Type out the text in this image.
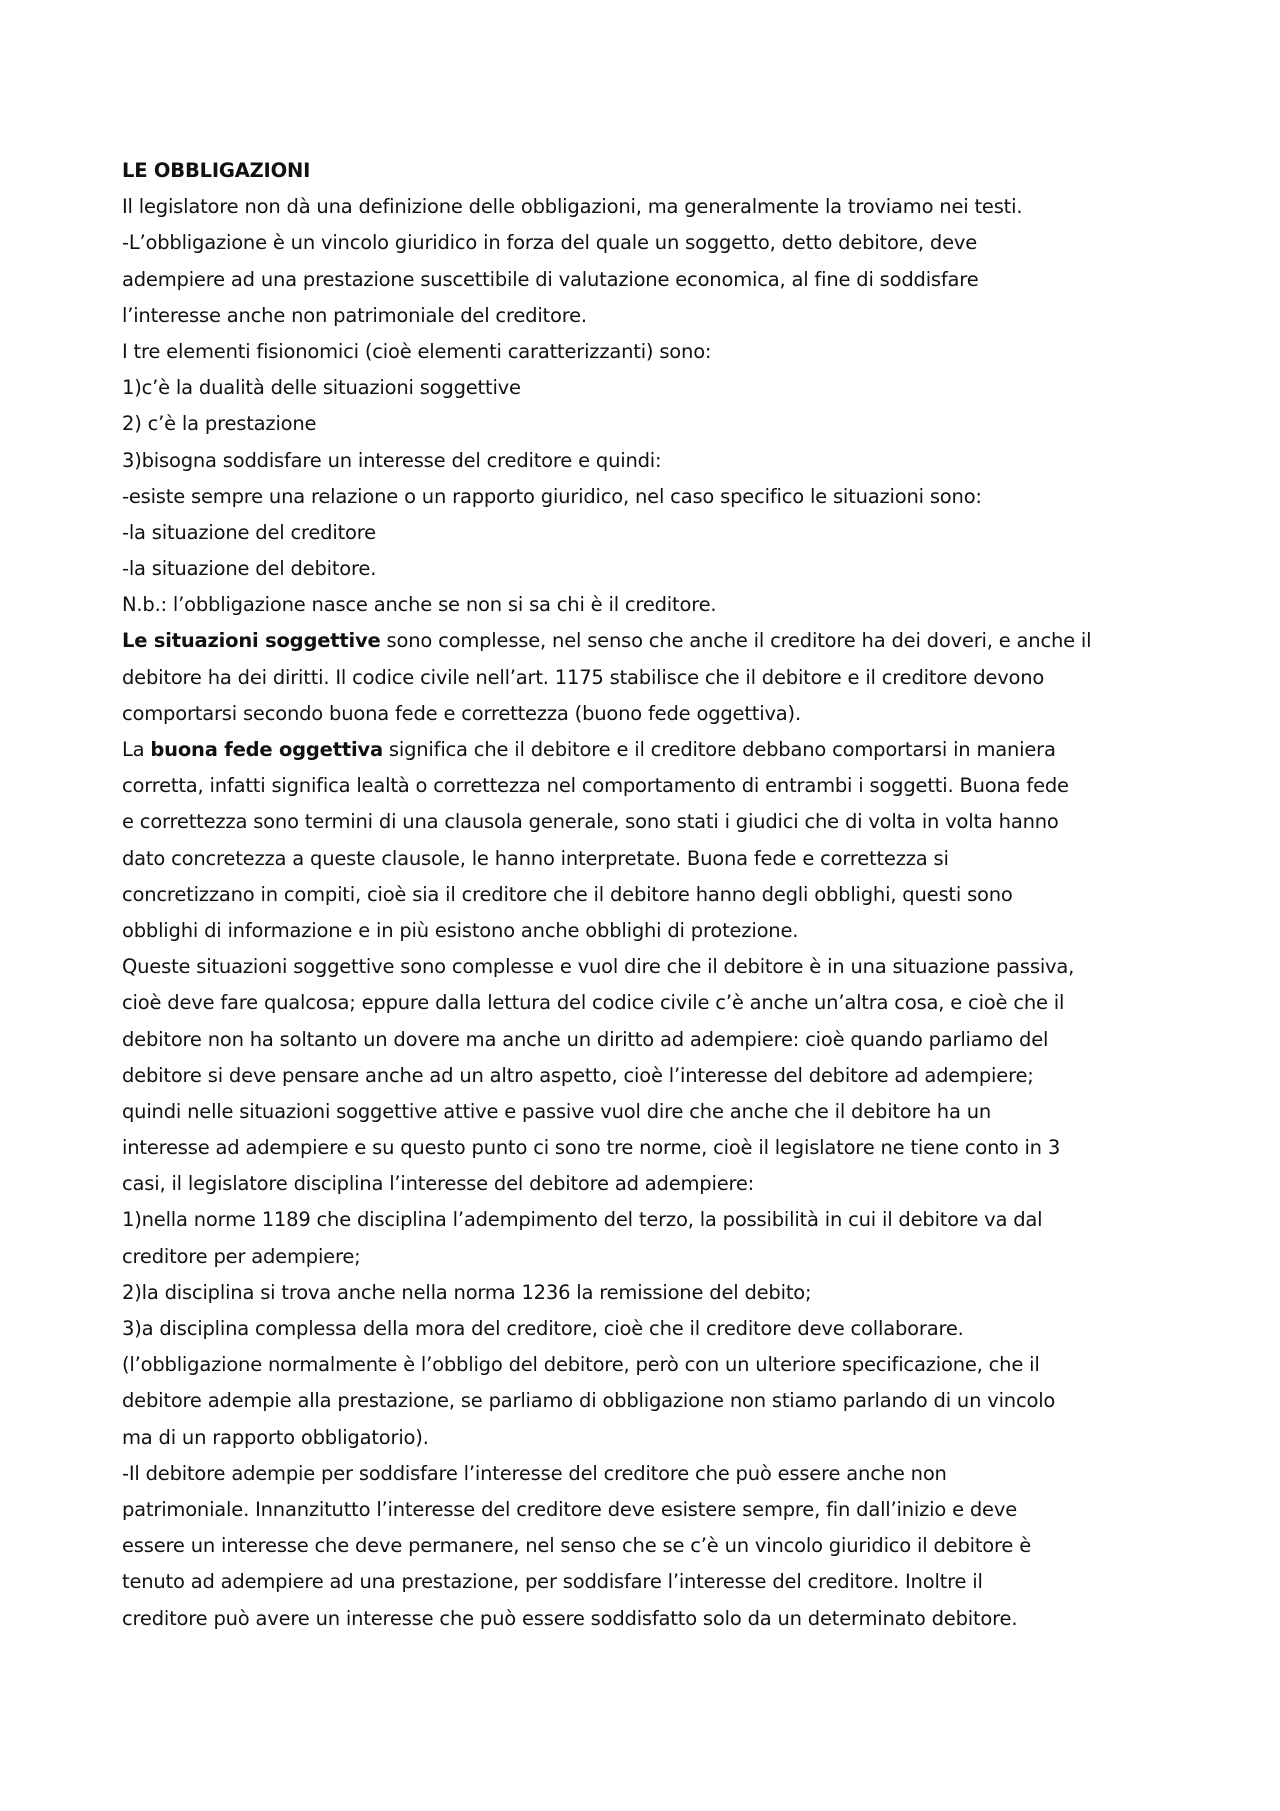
LE OBBLIGAZIONI
Il legislatore non dà una definizione delle obbligazioni, ma generalmente la troviamo nei testi.
-L’obbligazione è un vincolo giuridico in forza del quale un soggetto, detto debitore, deve
adempiere ad una prestazione suscettibile di valutazione economica, al fine di soddisfare
l’interesse anche non patrimoniale del creditore.
I tre elementi fisionomici (cioè elementi caratterizzanti) sono:
1)c’è la dualità delle situazioni soggettive
2) c’è la prestazione
3)bisogna soddisfare un interesse del creditore e quindi:
-esiste sempre una relazione o un rapporto giuridico, nel caso specifico le situazioni sono:
-la situazione del creditore
-la situazione del debitore.
N.b.: l’obbligazione nasce anche se non si sa chi è il creditore.
Le situazioni soggettive sono complesse, nel senso che anche il creditore ha dei doveri, e anche il
debitore ha dei diritti. Il codice civile nell’art. 1175 stabilisce che il debitore e il creditore devono
comportarsi secondo buona fede e correttezza (buono fede oggettiva).
La buona fede oggettiva significa che il debitore e il creditore debbano comportarsi in maniera
corretta, infatti significa lealtà o correttezza nel comportamento di entrambi i soggetti. Buona fede
e correttezza sono termini di una clausola generale, sono stati i giudici che di volta in volta hanno
dato concretezza a queste clausole, le hanno interpretate. Buona fede e correttezza si
concretizzano in compiti, cioè sia il creditore che il debitore hanno degli obblighi, questi sono
obblighi di informazione e in più esistono anche obblighi di protezione.
Queste situazioni soggettive sono complesse e vuol dire che il debitore è in una situazione passiva,
cioè deve fare qualcosa; eppure dalla lettura del codice civile c’è anche un’altra cosa, e cioè che il
debitore non ha soltanto un dovere ma anche un diritto ad adempiere: cioè quando parliamo del
debitore si deve pensare anche ad un altro aspetto, cioè l’interesse del debitore ad adempiere;
quindi nelle situazioni soggettive attive e passive vuol dire che anche che il debitore ha un
interesse ad adempiere e su questo punto ci sono tre norme, cioè il legislatore ne tiene conto in 3
casi, il legislatore disciplina l’interesse del debitore ad adempiere:
1)nella norme 1189 che disciplina l’adempimento del terzo, la possibilità in cui il debitore va dal
creditore per adempiere;
2)la disciplina si trova anche nella norma 1236 la remissione del debito;
3)a disciplina complessa della mora del creditore, cioè che il creditore deve collaborare.
(l’obbligazione normalmente è l’obbligo del debitore, però con un ulteriore specificazione, che il
debitore adempie alla prestazione, se parliamo di obbligazione non stiamo parlando di un vincolo
ma di un rapporto obbligatorio).
-Il debitore adempie per soddisfare l’interesse del creditore che può essere anche non
patrimoniale. Innanzitutto l’interesse del creditore deve esistere sempre, fin dall’inizio e deve
essere un interesse che deve permanere, nel senso che se c’è un vincolo giuridico il debitore è
tenuto ad adempiere ad una prestazione, per soddisfare l’interesse del creditore. Inoltre il
creditore può avere un interesse che può essere soddisfatto solo da un determinato debitore.
